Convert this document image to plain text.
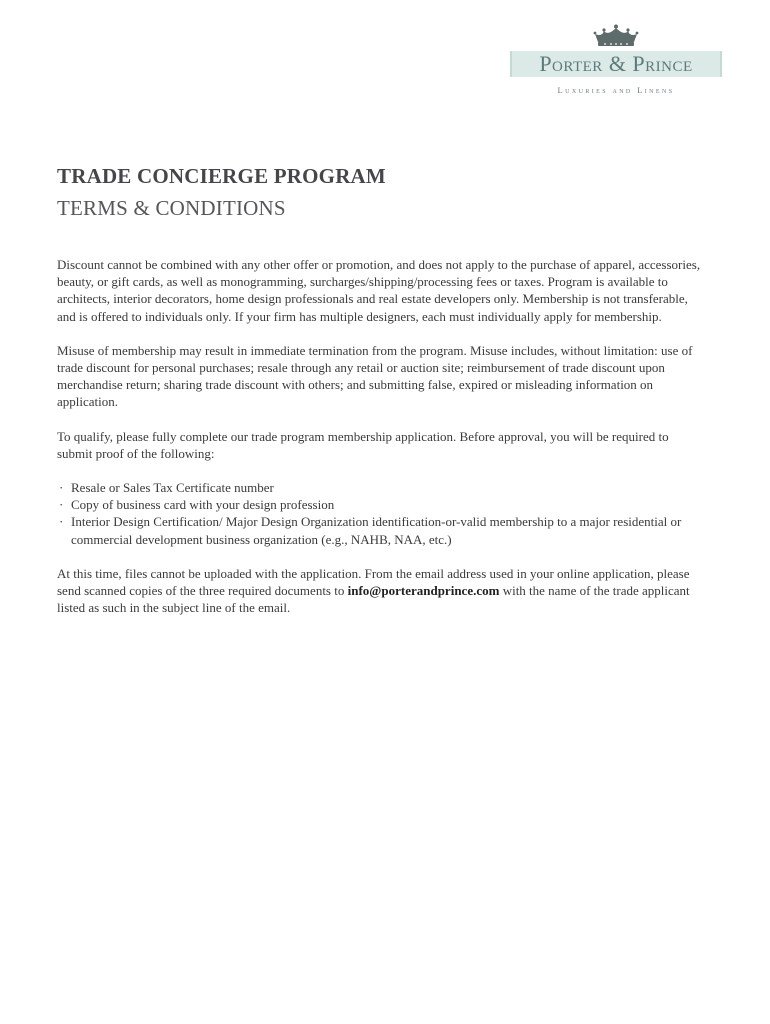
Porter & Prince
Luxuries and Linens
TRADE CONCIERGE PROGRAM
TERMS & CONDITIONS

Discount cannot be combined with any other offer or promotion, and does not apply to the purchase of apparel, accessories, beauty, or gift cards, as well as monogramming, surcharges/shipping/processing fees or taxes. Program is available to architects, interior decorators, home design professionals and real estate developers only. Membership is not transferable, and is offered to individuals only. If your firm has multiple designers, each must individually apply for membership.

Misuse of membership may result in immediate termination from the program. Misuse includes, without limitation: use of trade discount for personal purchases; resale through any retail or auction site; reimbursement of trade discount upon merchandise return; sharing trade discount with others; and submitting false, expired or misleading information on application.

To qualify, please fully complete our trade program membership application. Before approval, you will be required to submit proof of the following:

· Resale or Sales Tax Certificate number
· Copy of business card with your design profession
· Interior Design Certification/ Major Design Organization identification-or-valid membership to a major residential or commercial development business organization (e.g., NAHB, NAA, etc.)

At this time, files cannot be uploaded with the application. From the email address used in your online application, please send scanned copies of the three required documents to info@porterandprince.com with the name of the trade applicant listed as such in the subject line of the email.
